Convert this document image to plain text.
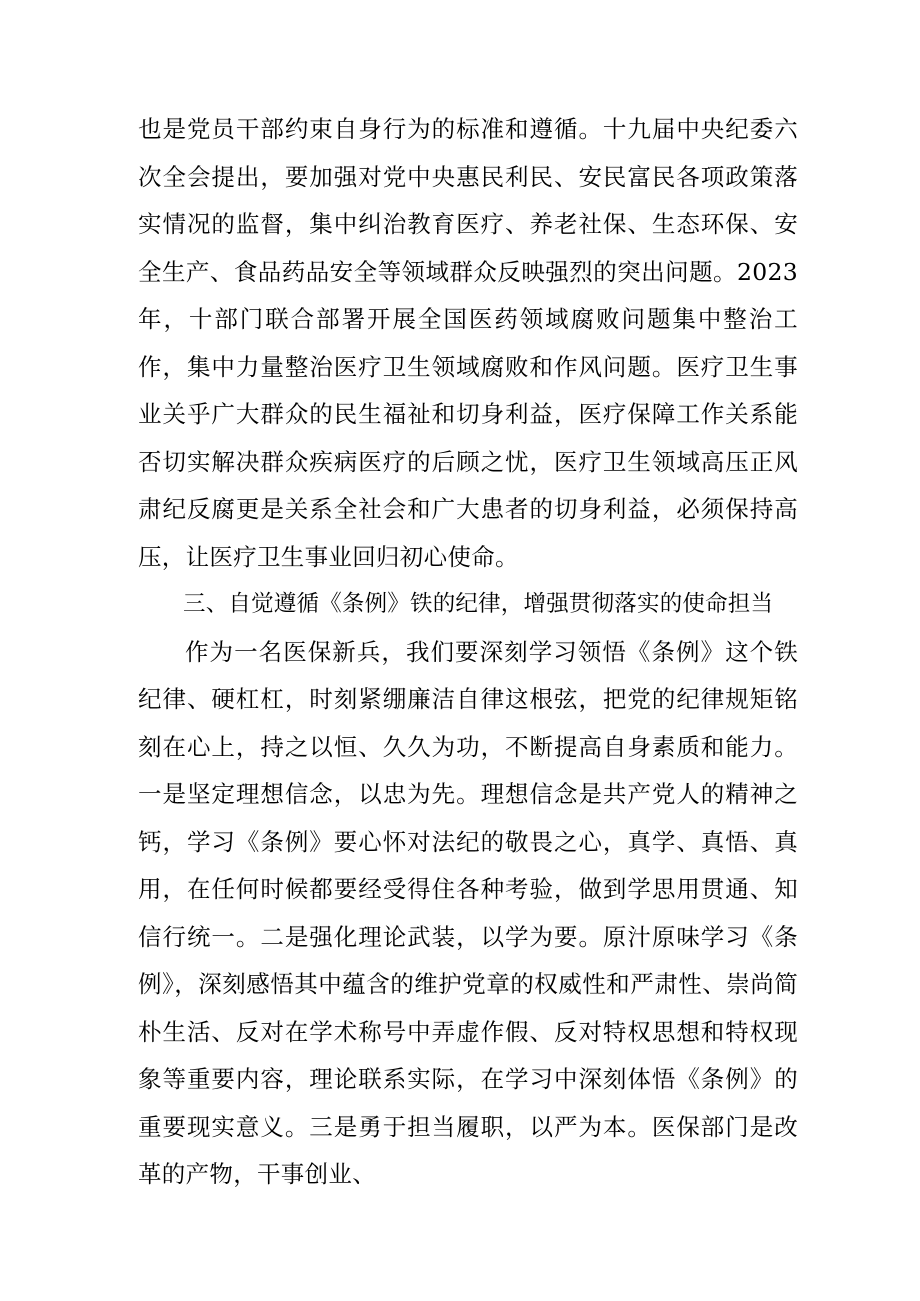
也是党员干部约束自身行为的标准和遵循。十九届中央纪委六次全会提出，要加强对党中央惠民利民、安民富民各项政策落实情况的监督，集中纠治教育医疗、养老社保、生态环保、安全生产、食品药品安全等领域群众反映强烈的突出问题。2023年，十部门联合部署开展全国医药领域腐败问题集中整治工作，集中力量整治医疗卫生领域腐败和作风问题。医疗卫生事业关乎广大群众的民生福祉和切身利益，医疗保障工作关系能否切实解决群众疾病医疗的后顾之忧，医疗卫生领域高压正风肃纪反腐更是关系全社会和广大患者的切身利益，必须保持高压，让医疗卫生事业回归初心使命。

三、自觉遵循《条例》铁的纪律，增强贯彻落实的使命担当

作为一名医保新兵，我们要深刻学习领悟《条例》这个铁纪律、硬杠杠，时刻紧绷廉洁自律这根弦，把党的纪律规矩铭刻在心上，持之以恒、久久为功，不断提高自身素质和能力。一是坚定理想信念，以忠为先。理想信念是共产党人的精神之钙，学习《条例》要心怀对法纪的敬畏之心，真学、真悟、真用，在任何时候都要经受得住各种考验，做到学思用贯通、知信行统一。二是强化理论武装，以学为要。原汁原味学习《条例》，深刻感悟其中蕴含的维护党章的权威性和严肃性、崇尚简朴生活、反对在学术称号中弄虚作假、反对特权思想和特权现象等重要内容，理论联系实际，在学习中深刻体悟《条例》的重要现实意义。三是勇于担当履职，以严为本。医保部门是改革的产物，干事创业、
